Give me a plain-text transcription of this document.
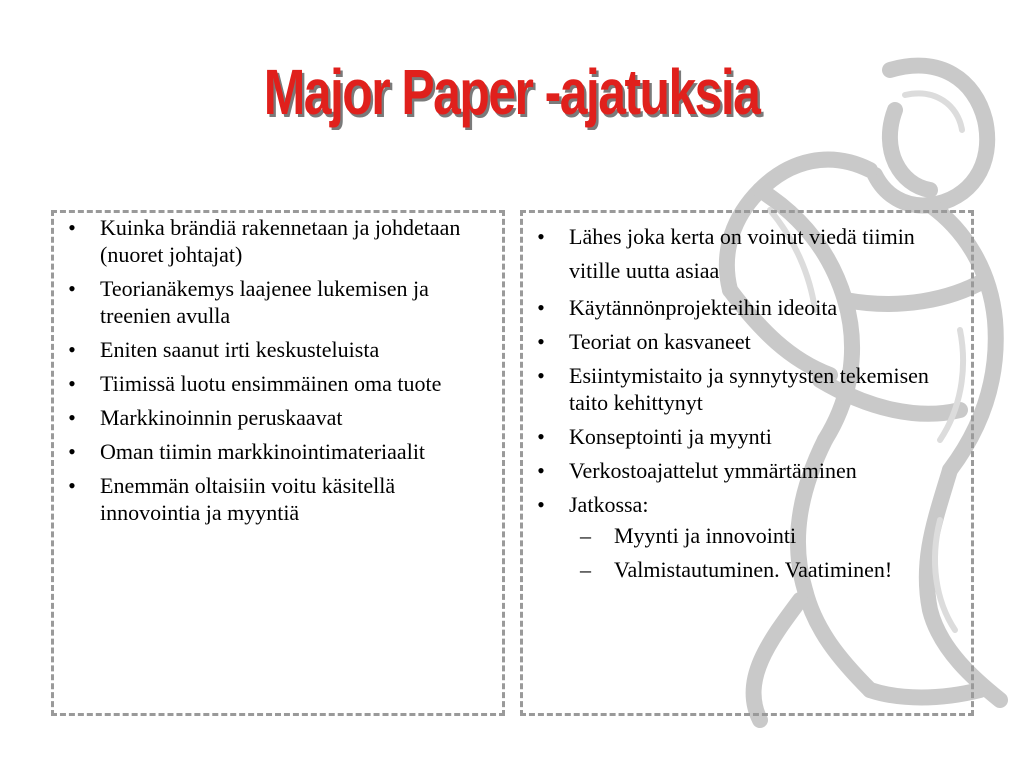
Major Paper -ajatuksia
• Kuinka brändiä rakennetaan ja johdetaan (nuoret johtajat)
• Teorianäkemys laajenee lukemisen ja treenien avulla
• Eniten saanut irti keskusteluista
• Tiimissä luotu ensimmäinen oma tuote
• Markkinoinnin peruskaavat
• Oman tiimin markkinointimateriaalit
• Enemmän oltaisiin voitu käsitellä innovointia ja myyntiä
• Lähes joka kerta on voinut viedä tiimin vitille uutta asiaa
• Käytännönprojekteihin ideoita
• Teoriat on kasvaneet
• Esiintymistaito ja synnytysten tekemisen taito kehittynyt
• Konseptointi ja myynti
• Verkostoajattelut ymmärtäminen
• Jatkossa:
– Myynti ja innovointi
– Valmistautuminen. Vaatiminen!
